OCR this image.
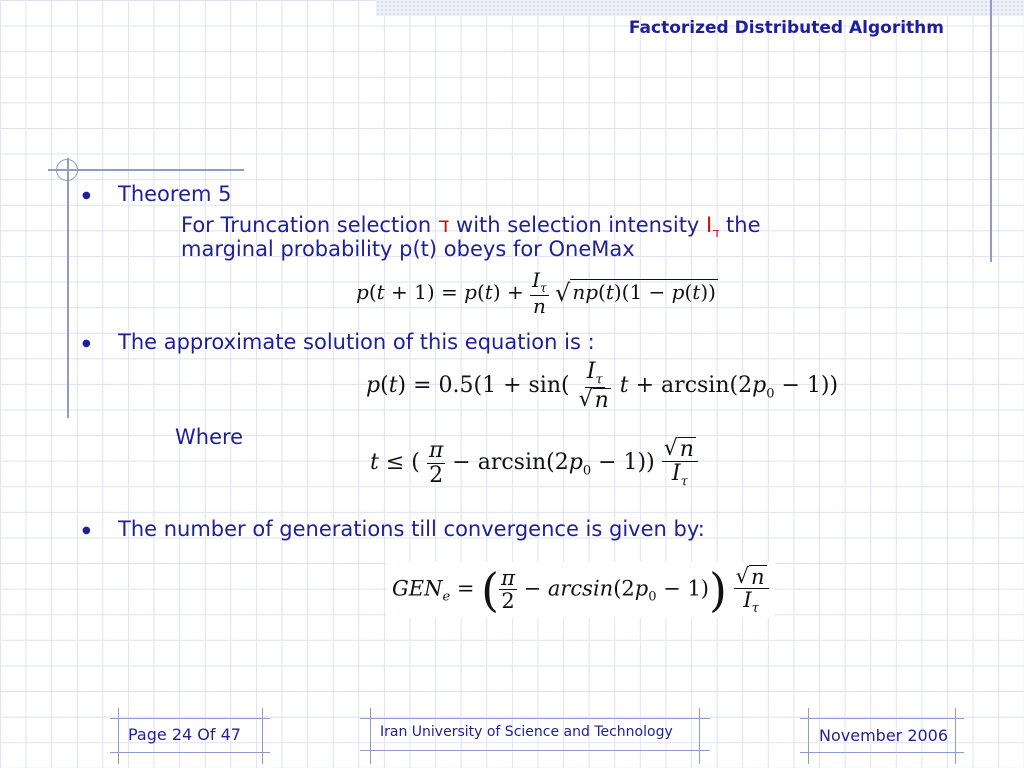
Factorized Distributed Algorithm
● Theorem 5
For Truncation selection ד with selection intensity $I_ד$ the
marginal probability p(t) obeys for OneMax
$p(t + 1) = p(t) + \frac{I_\tau}{n}$
√ np(t)(1 − p(t))
● The approximate solution of this equation is :
$p(t) = 0.5(1 + \sin( \frac{I_\tau}{√ n}$ $t + \arcsin(2p_0 - 1)$)
Where
t ≤ ( $\frac{\pi}{2} - \arcsin(2p_0 - 1)) \frac{√ n}{I_\tau}$
● The number of generations till convergence is given by:
$GEN_e$ = ( $\frac{\pi}{2} - \arcsin(2p_0 - 1)) \frac{√ n}{I_\tau}$
Page 24 Of 47	Iran University of Science and Technology	November 2006
